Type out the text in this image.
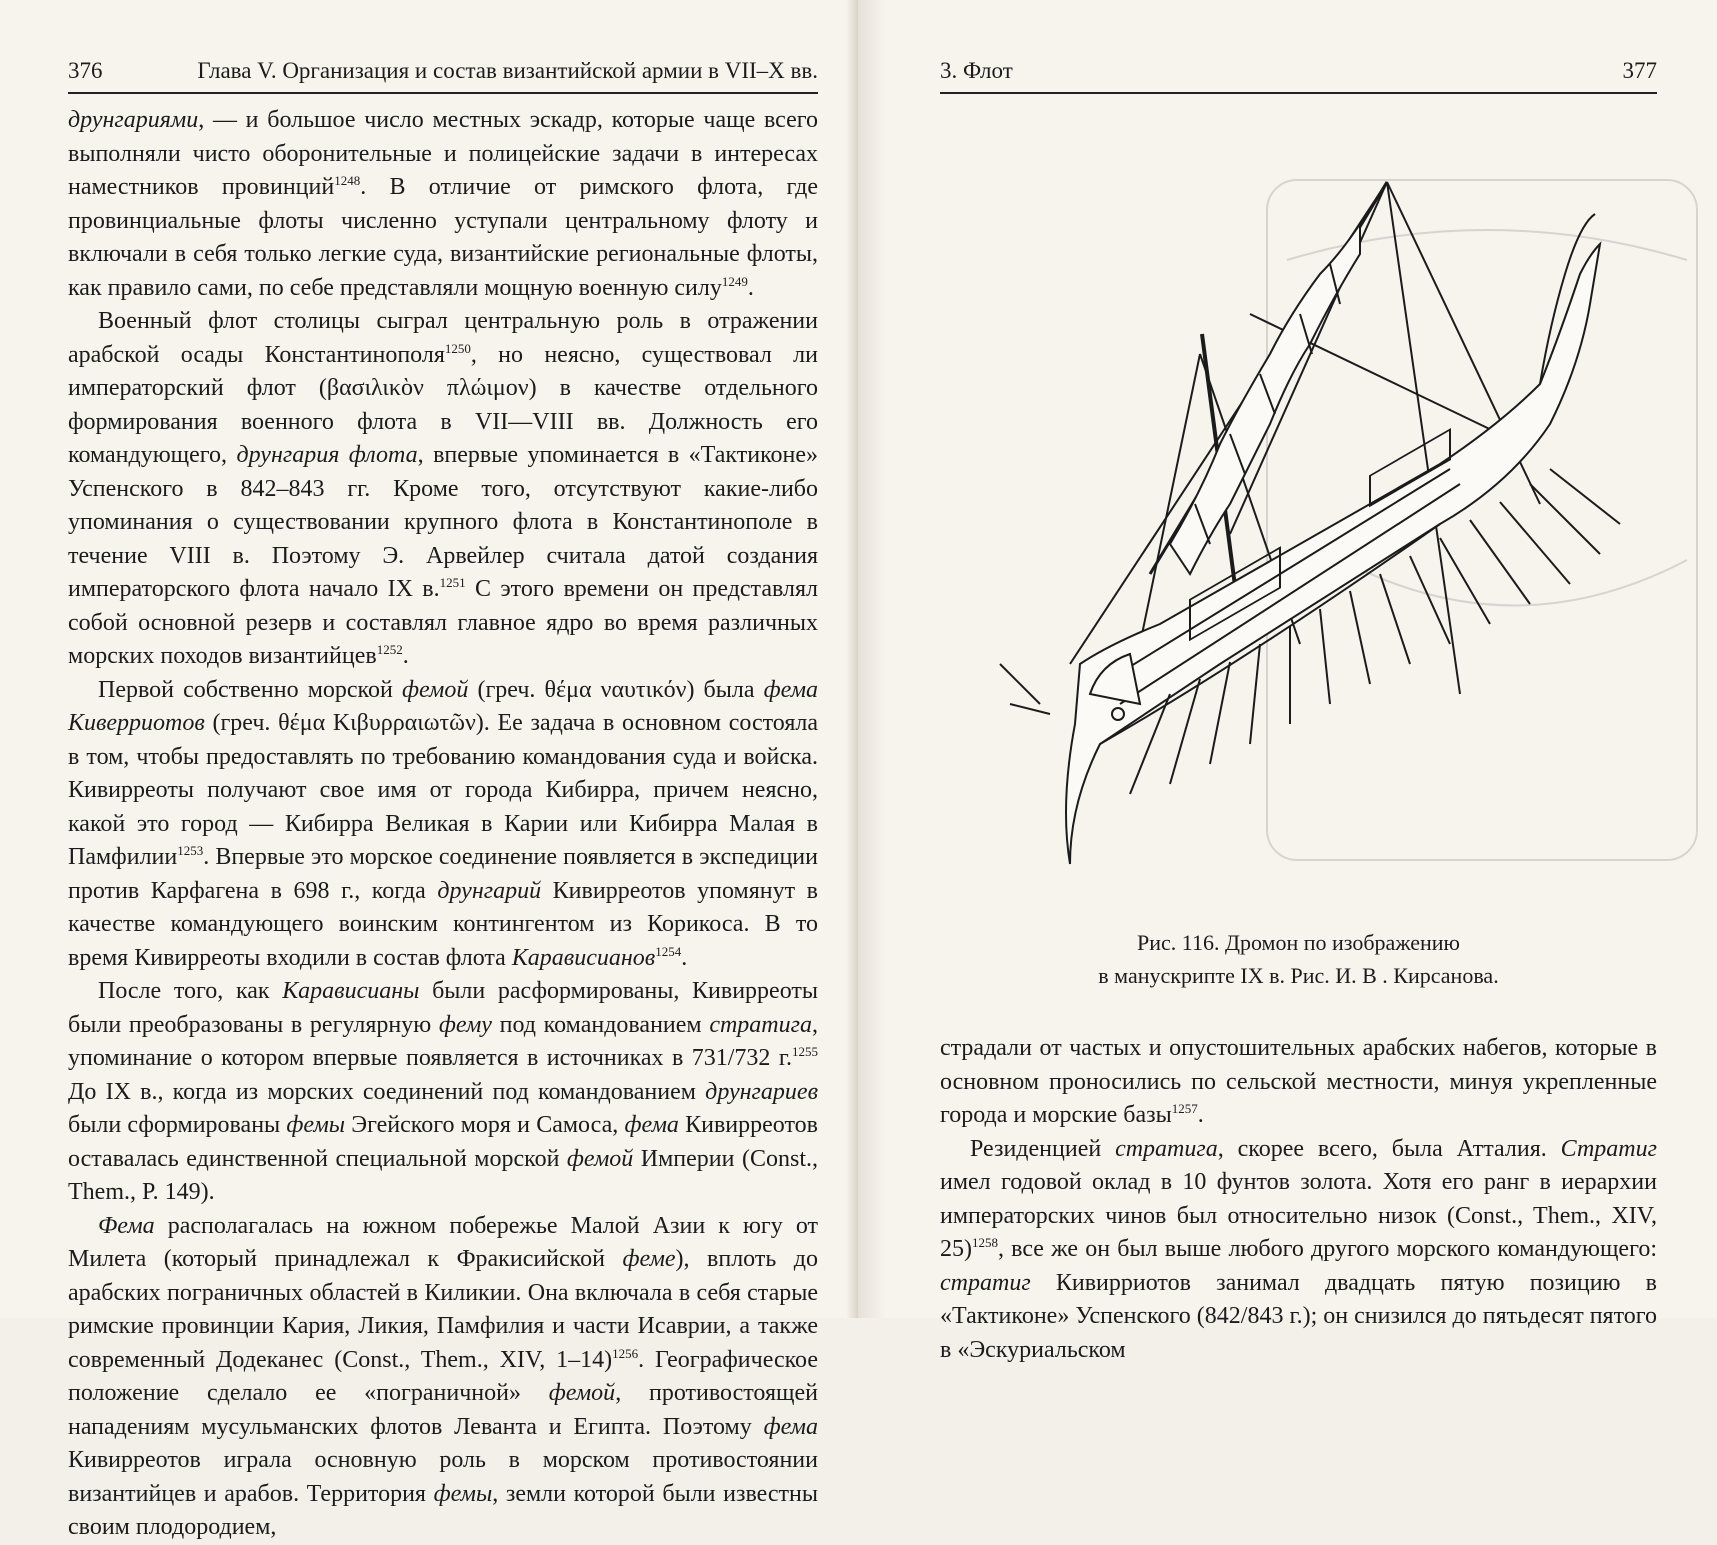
376	Глава V. Организация и состав византийской армии в VII–X вв.

друнгариями, — и большое число местных эскадр, которые чаще всего выполняли чисто оборонительные и полицейские задачи в интересах наместников провинций$^{1248}$. В отличие от римского флота, где провинциальные флоты численно уступали центральному флоту и включали в себя только легкие суда, византийские региональные флоты, как правило сами, по себе представляли мощную военную силу$^{1249}$.

Военный флот столицы сыграл центральную роль в отражении арабской осады Константинополя$^{1250}$, но неясно, существовал ли императорский флот (βασιλικὸν πλώιμον) в качестве отдельного формирования военного флота в VII—VIII вв. Должность его командующего, друнгария флота, впервые упоминается в «Тактиконе» Успенского в 842–843 гг. Кроме того, отсутствуют какие-либо упоминания о существовании крупного флота в Константинополе в течение VIII в. Поэтому Э. Арвейлер считала датой создания императорского флота начало IX в.$^{1251}$ С этого времени он представлял собой основной резерв и составлял главное ядро во время различных морских походов византийцев$^{1252}$.

Первой собственно морской фемой (греч. θέμα ναυτικόν) была фема Киверриотов (греч. θέμα Κιβυρραιωτῶν). Ее задача в основном состояла в том, чтобы предоставлять по требованию командования суда и войска. Кивирреоты получают свое имя от города Кибирра, причем неясно, какой это город — Кибирра Великая в Карии или Кибирра Малая в Памфилии$^{1253}$. Впервые это морское соединение появляется в экспедиции против Карфагена в 698 г., когда друнгарий Кивирреотов упомянут в качестве командующего воинским контингентом из Корикоса. В то время Кивирреоты входили в состав флота Карависианов$^{1254}$.

После того, как Карависианы были расформированы, Кивирреоты были преобразованы в регулярную фему под командованием стратига, упоминание о котором впервые появляется в источниках в 731/732 г.$^{1255}$ До IX в., когда из морских соединений под командованием друнгариев были сформированы фемы Эгейского моря и Самоса, фема Кивирреотов оставалась единственной специальной морской фемой Империи (Const., Them., P. 149).

Фема располагалась на южном побережье Малой Азии к югу от Милета (который принадлежал к Фракисийской феме), вплоть до арабских пограничных областей в Киликии. Она включала в себя старые римские провинции Кария, Ликия, Памфилия и части Исаврии, а также современный Додеканес (Const., Them., XIV, 1–14)$^{1256}$. Географическое положение сделало ее «пограничной» фемой, противостоящей нападениям мусульманских флотов Леванта и Египта. Поэтому фема Кивирреотов играла основную роль в морском противостоянии византийцев и арабов. Территория фемы, земли которой были известны своим плодородием,

3. Флот	377
Рис. 116. Дромон по изображению
в манускрипте IX в. Рис. И. В . Кирсанова.

страдали от частых и опустошительных арабских набегов, которые в основном проносились по сельской местности, минуя укрепленные города и морские базы$^{1257}$.

Резиденцией стратига, скорее всего, была Атталия. Стратиг имел годовой оклад в 10 фунтов золота. Хотя его ранг в иерархии императорских чинов был относительно низок (Const., Them., XIV, 25)$^{1258}$, все же он был выше любого другого морского командующего: стратиг Кивирриотов занимал двадцать пятую позицию в «Тактиконе» Успенского (842/843 г.); он снизился до пятьдесят пятого в «Эскуриальском
